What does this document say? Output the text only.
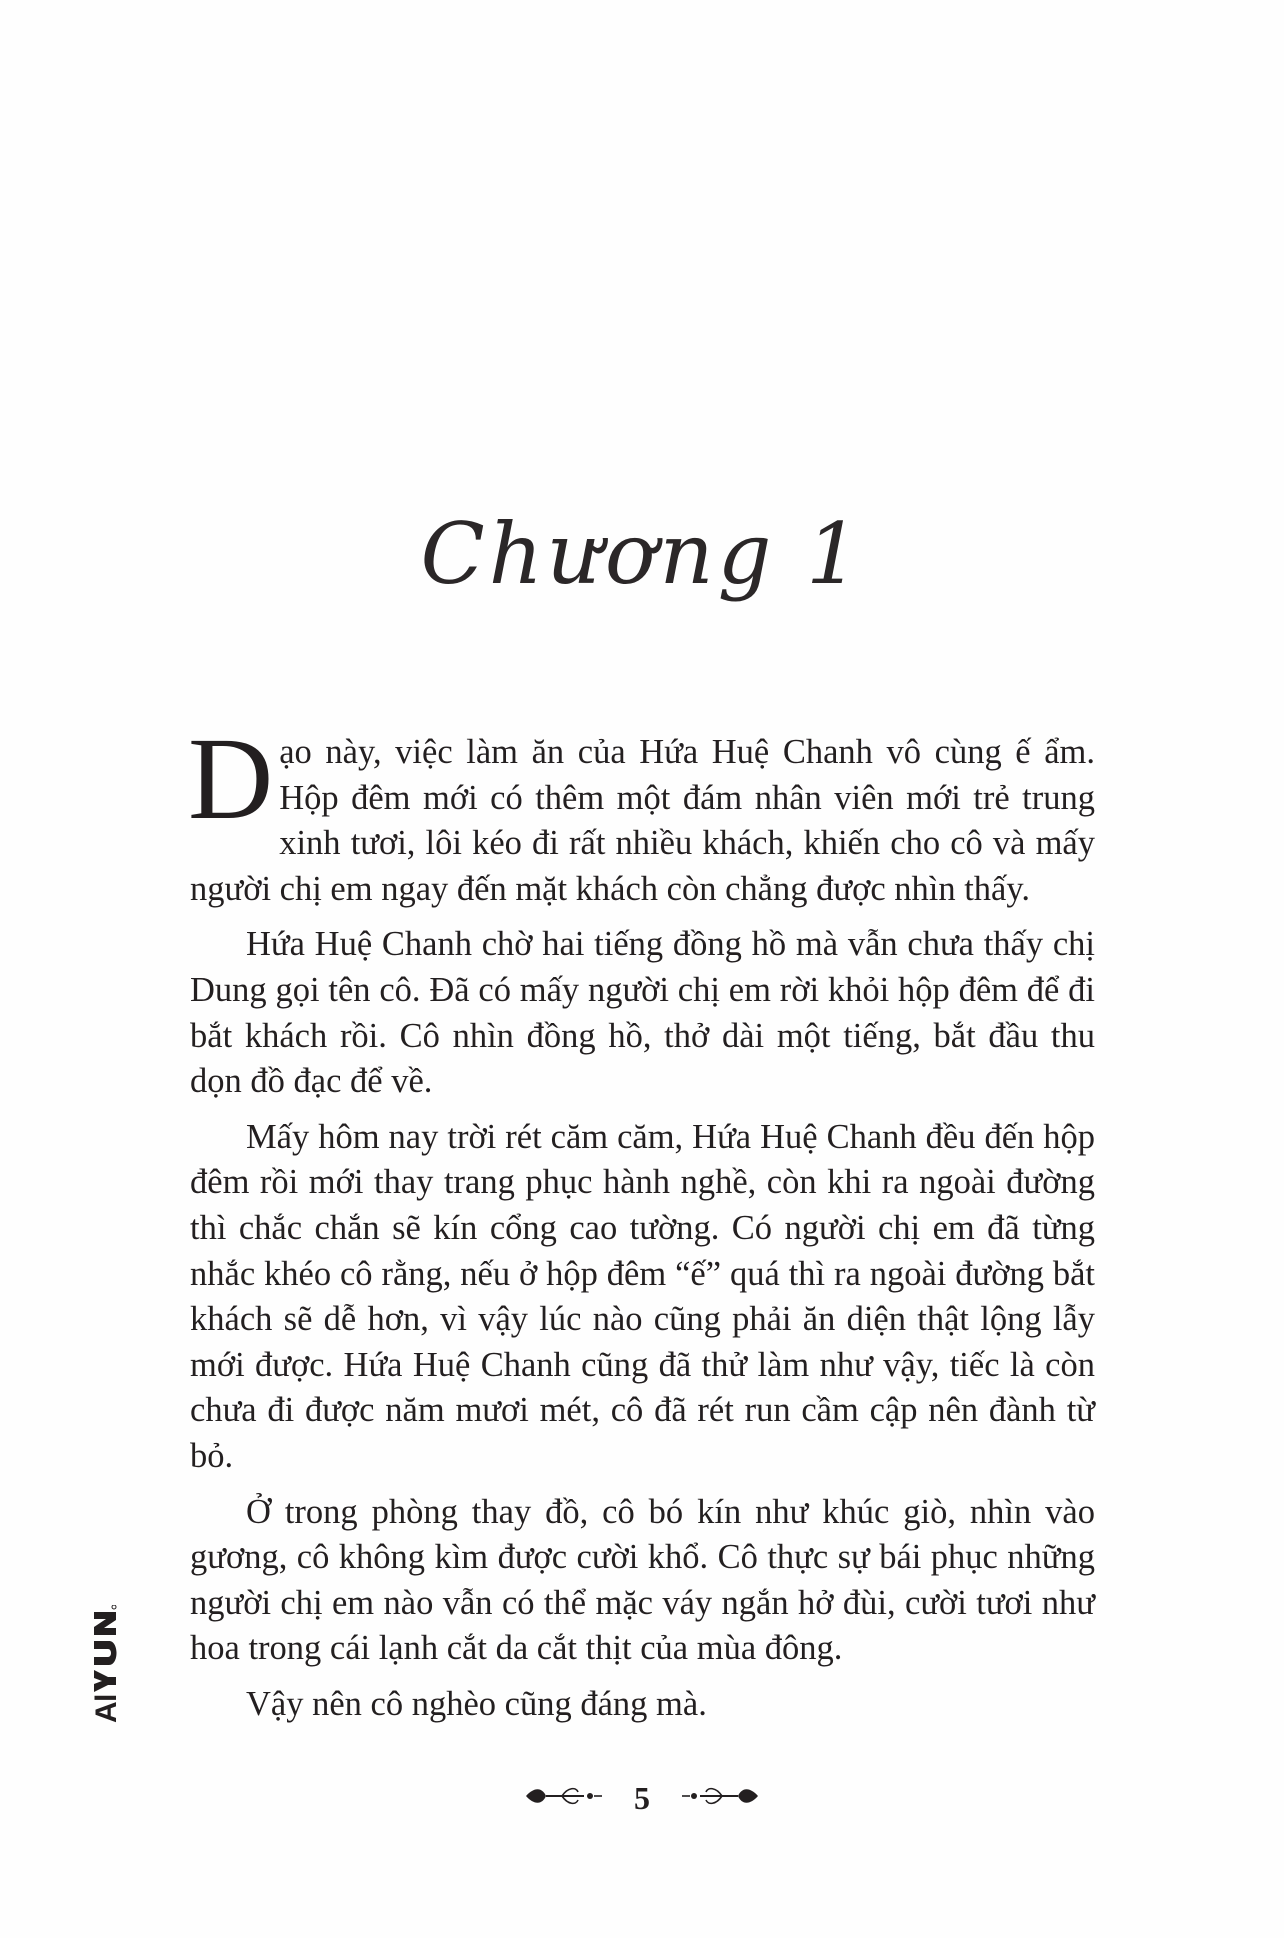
Chương 1

Dạo này, việc làm ăn của Hứa Huệ Chanh vô cùng ế ẩm. Hộp đêm mới có thêm một đám nhân viên mới trẻ trung xinh tươi, lôi kéo đi rất nhiều khách, khiến cho cô và mấy người chị em ngay đến mặt khách còn chẳng được nhìn thấy.

Hứa Huệ Chanh chờ hai tiếng đồng hồ mà vẫn chưa thấy chị Dung gọi tên cô. Đã có mấy người chị em rời khỏi hộp đêm để đi bắt khách rồi. Cô nhìn đồng hồ, thở dài một tiếng, bắt đầu thu dọn đồ đạc để về.

Mấy hôm nay trời rét căm căm, Hứa Huệ Chanh đều đến hộp đêm rồi mới thay trang phục hành nghề, còn khi ra ngoài đường thì chắc chắn sẽ kín cổng cao tường. Có người chị em đã từng nhắc khéo cô rằng, nếu ở hộp đêm “ế” quá thì ra ngoài đường bắt khách sẽ dễ hơn, vì vậy lúc nào cũng phải ăn diện thật lộng lẫy mới được. Hứa Huệ Chanh cũng đã thử làm như vậy, tiếc là còn chưa đi được năm mươi mét, cô đã rét run cầm cập nên đành từ bỏ.

Ở trong phòng thay đồ, cô bó kín như khúc giò, nhìn vào gương, cô không kìm được cười khổ. Cô thực sự bái phục những người chị em nào vẫn có thể mặc váy ngắn hở đùi, cười tươi như hoa trong cái lạnh cắt da cắt thịt của mùa đông.

Vậy nên cô nghèo cũng đáng mà.

5
A
l
